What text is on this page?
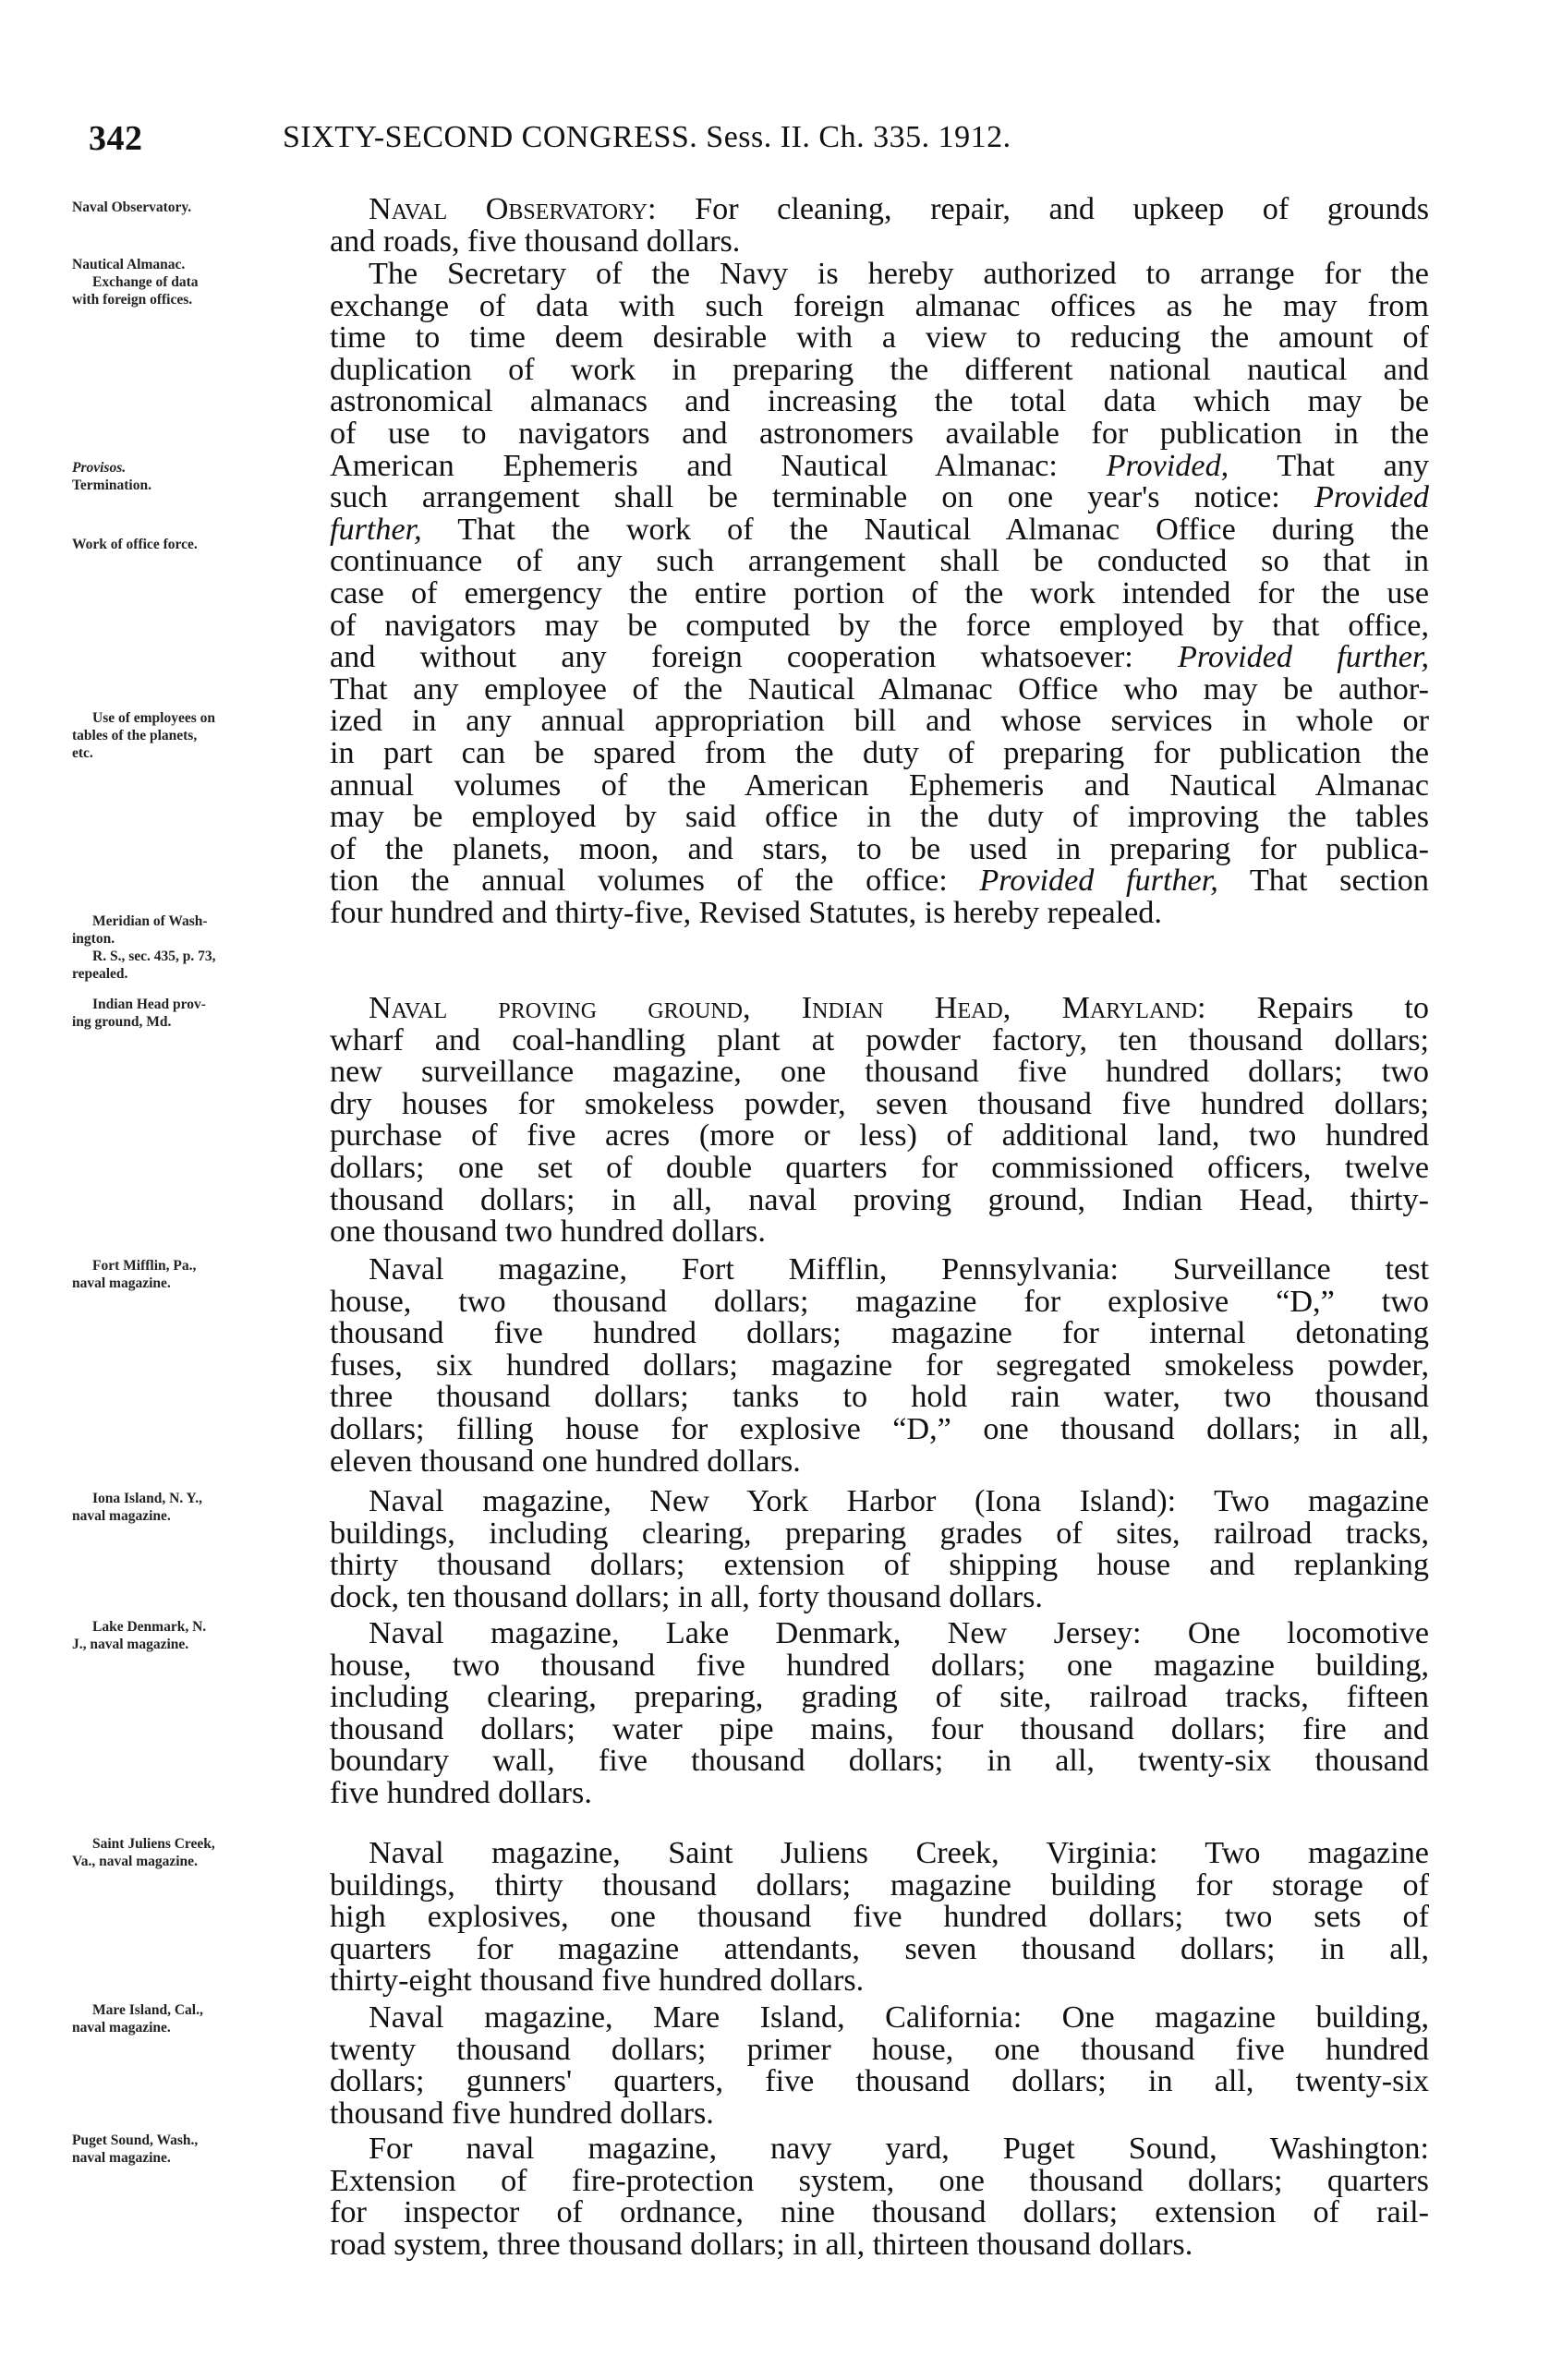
342	SIXTY-SECOND CONGRESS. Sess. II. Ch. 335. 1912.
Naval Observatory.
Nautical Almanac.
Exchange of data
with foreign offices.
Provisos.
Termination.
Work of office force.
Use of employees on
tables of the planets,
etc.
Meridian of Wash-
ington.
R. S., sec. 435, p. 73,
repealed.
Indian Head prov-
ing ground, Md.
Fort Mifflin, Pa.,
naval magazine.
Iona Island, N. Y.,
naval magazine.
Lake Denmark, N.
J., naval magazine.
Saint Juliens Creek,
Va., naval magazine.
Mare Island, Cal.,
naval magazine.
Puget Sound, Wash.,
naval magazine.
Naval Observatory: For cleaning, repair, and upkeep of grounds
and roads, five thousand dollars.
The Secretary of the Navy is hereby authorized to arrange for the
exchange of data with such foreign almanac offices as he may from
time to time deem desirable with a view to reducing the amount of
duplication of work in preparing the different national nautical and
astronomical almanacs and increasing the total data which may be
of use to navigators and astronomers available for publication in the
American Ephemeris and Nautical Almanac: Provided, That any
such arrangement shall be terminable on one year's notice: Provided
further, That the work of the Nautical Almanac Office during the
continuance of any such arrangement shall be conducted so that in
case of emergency the entire portion of the work intended for the use
of navigators may be computed by the force employed by that office,
and without any foreign cooperation whatsoever: Provided further,
That any employee of the Nautical Almanac Office who may be author-
ized in any annual appropriation bill and whose services in whole or
in part can be spared from the duty of preparing for publication the
annual volumes of the American Ephemeris and Nautical Almanac
may be employed by said office in the duty of improving the tables
of the planets, moon, and stars, to be used in preparing for publica-
tion the annual volumes of the office: Provided further, That section
four hundred and thirty-five, Revised Statutes, is hereby repealed.
Naval proving ground, Indian Head, Maryland: Repairs to
wharf and coal-handling plant at powder factory, ten thousand dollars;
new surveillance magazine, one thousand five hundred dollars; two
dry houses for smokeless powder, seven thousand five hundred dollars;
purchase of five acres (more or less) of additional land, two hundred
dollars; one set of double quarters for commissioned officers, twelve
thousand dollars; in all, naval proving ground, Indian Head, thirty-
one thousand two hundred dollars.
Naval magazine, Fort Mifflin, Pennsylvania: Surveillance test
house, two thousand dollars; magazine for explosive “D,” two
thousand five hundred dollars; magazine for internal detonating
fuses, six hundred dollars; magazine for segregated smokeless powder,
three thousand dollars; tanks to hold rain water, two thousand
dollars; filling house for explosive “D,” one thousand dollars; in all,
eleven thousand one hundred dollars.
Naval magazine, New York Harbor (Iona Island): Two magazine
buildings, including clearing, preparing grades of sites, railroad tracks,
thirty thousand dollars; extension of shipping house and replanking
dock, ten thousand dollars; in all, forty thousand dollars.
Naval magazine, Lake Denmark, New Jersey: One locomotive
house, two thousand five hundred dollars; one magazine building,
including clearing, preparing, grading of site, railroad tracks, fifteen
thousand dollars; water pipe mains, four thousand dollars; fire and
boundary wall, five thousand dollars; in all, twenty-six thousand
five hundred dollars.
Naval magazine, Saint Juliens Creek, Virginia: Two magazine
buildings, thirty thousand dollars; magazine building for storage of
high explosives, one thousand five hundred dollars; two sets of
quarters for magazine attendants, seven thousand dollars; in all,
thirty-eight thousand five hundred dollars.
Naval magazine, Mare Island, California: One magazine building,
twenty thousand dollars; primer house, one thousand five hundred
dollars; gunners' quarters, five thousand dollars; in all, twenty-six
thousand five hundred dollars.
For naval magazine, navy yard, Puget Sound, Washington:
Extension of fire-protection system, one thousand dollars; quarters
for inspector of ordnance, nine thousand dollars; extension of rail-
road system, three thousand dollars; in all, thirteen thousand dollars.
